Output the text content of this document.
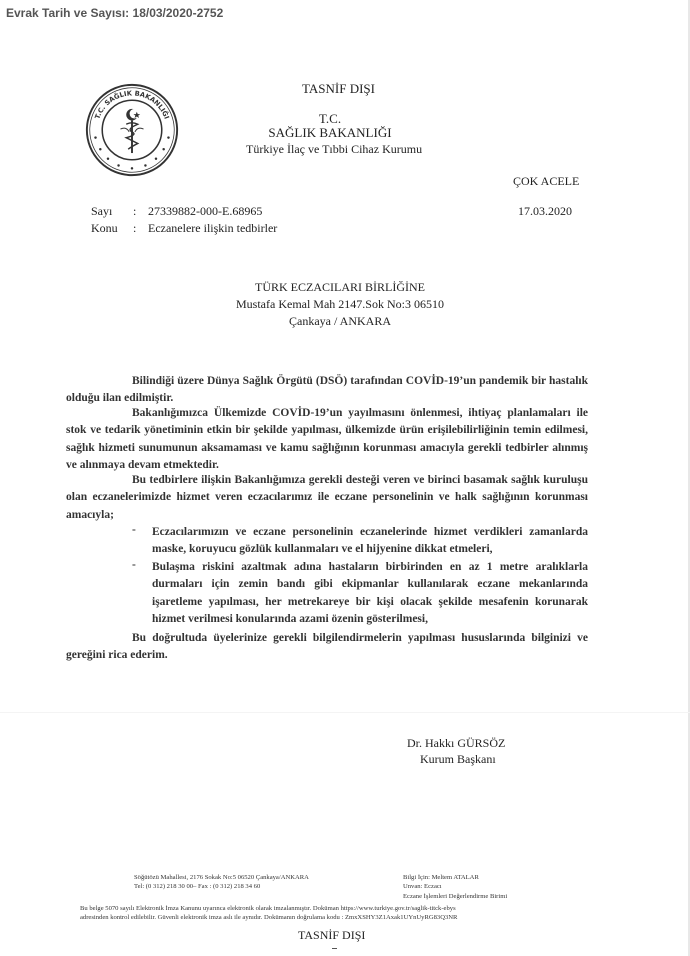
Evrak Tarih ve Sayısı: 18/03/2020-2752
T.C. SAĞLIK BAKANLIĞI
TASNİF DIŞI
T.C.
SAĞLIK BAKANLIĞI
Türkiye İlaç ve Tıbbi Cihaz Kurumu
ÇOK ACELE
Sayı : 27339882-000-E.68965	17.03.2020
Konu : Eczanelere ilişkin tedbirler
TÜRK ECZACILARI BİRLİĞİNE
Mustafa Kemal Mah 2147.Sok No:3 06510
Çankaya / ANKARA
Bilindiği üzere Dünya Sağlık Örgütü (DSÖ) tarafından COVİD-19’un pandemik bir hastalık olduğu ilan edilmiştir.
Bakanlığımızca Ülkemizde COVİD-19’un yayılmasını önlenmesi, ihtiyaç planlamaları ile stok ve tedarik yönetiminin etkin bir şekilde yapılması, ülkemizde ürün erişilebilirliğinin temin edilmesi, sağlık hizmeti sunumunun aksamaması ve kamu sağlığının korunması amacıyla gerekli tedbirler alınmış ve alınmaya devam etmektedir.
Bu tedbirlere ilişkin Bakanlığımıza gerekli desteği veren ve birinci basamak sağlık kuruluşu olan eczanelerimizde hizmet veren eczacılarımız ile eczane personelinin ve halk sağlığının korunması amacıyla;
- Eczacılarımızın ve eczane personelinin eczanelerinde hizmet verdikleri zamanlarda maske, koruyucu gözlük kullanmaları ve el hijyenine dikkat etmeleri,
- Bulaşma riskini azaltmak adına hastaların birbirinden en az 1 metre aralıklarla durmaları için zemin bandı gibi ekipmanlar kullanılarak eczane mekanlarında işaretleme yapılması, her metrekareye bir kişi olacak şekilde mesafenin korunarak hizmet verilmesi konularında azami özenin gösterilmesi,
Bu doğrultuda üyelerinize gerekli bilgilendirmelerin yapılması hususlarında bilginizi ve gereğini rica ederim.
Dr. Hakkı GÜRSÖZ
Kurum Başkanı
Söğütözü Mahallesi, 2176 Sokak No:5 06520 Çankaya/ANKARA
Tel: (0 312) 218 30 00– Fax : (0 312) 218 34 60
Bilgi İçin: Meltem ATALAR
Unvan: Eczacı
Eczane İşlemleri Değerlendirme Birimi
Bu belge 5070 sayılı Elektronik İmza Kanunu uyarınca elektronik olarak imzalanmıştır. Doküman https://www.turkiye.gov.tr/saglik-titck-ebys
adresinden kontrol edilebilir. Güvenli elektronik imza aslı ile aynıdır. Dokümanın doğrulama kodu : ZmxXSHY3Z1Axak1UYnUyRG83Q3NR
TASNİF DIŞI
